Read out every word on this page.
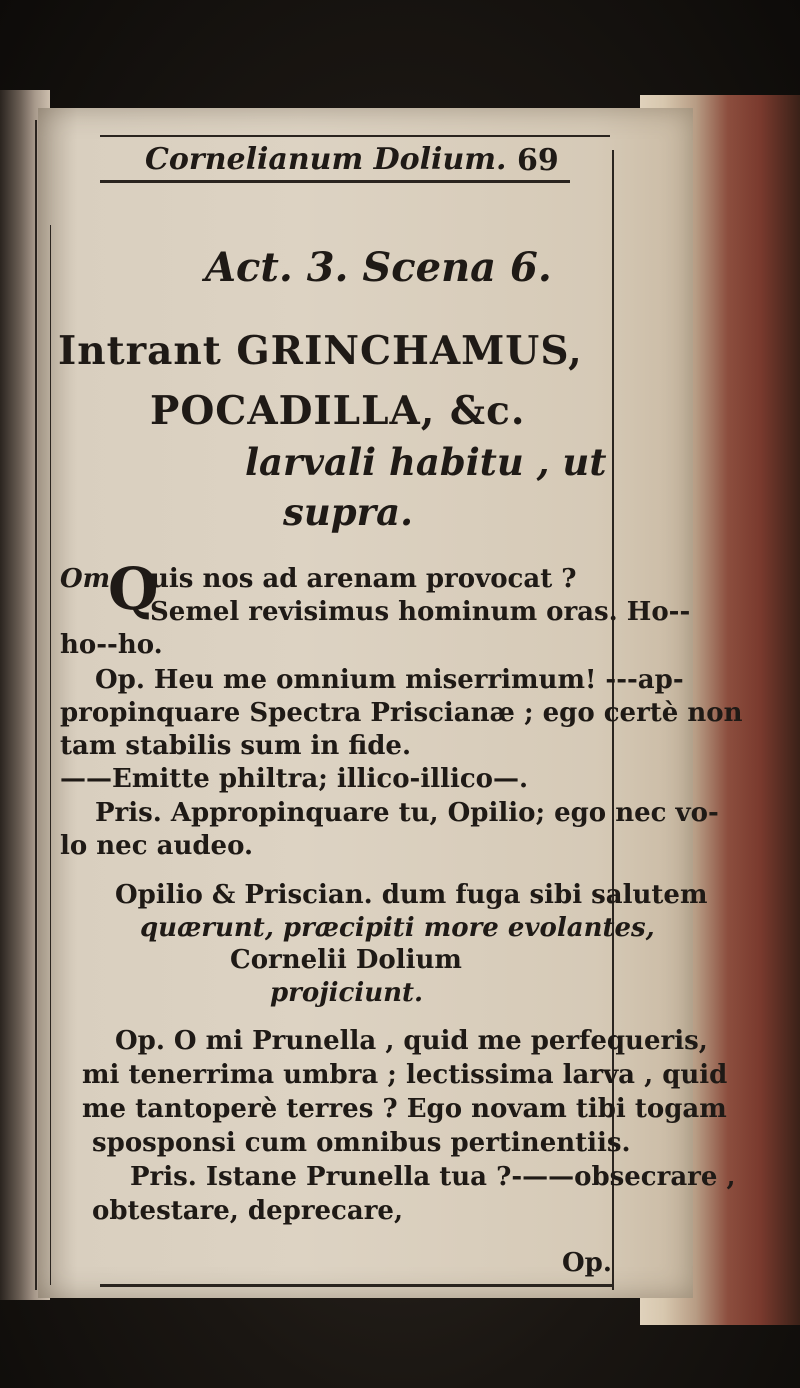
Cornelianum Dolium. 69
Act. 3. Scena 6.
Intrant GRINCHAMUS,
POCADILLA, &c.
larvali habitu , ut
supra.
Om.
Q
uis nos ad arenam provocat ?
Semel revisimus hominum oras. Ho--
ho--ho.
Op. Heu me omnium miserrimum! ---ap-
propinquare Spectra Priscianæ ; ego certè non
tam stabilis sum in fide.
——Emitte philtra; illico-illico—.
Pris. Appropinquare tu, Opilio; ego nec vo-
lo nec audeo.
Opilio & Priscian. dum fuga sibi salutem
quærunt, præcipiti more evolantes,
Cornelii Dolium
projiciunt.
Op. O mi Prunella , quid me perfequeris,
mi tenerrima umbra ; lectissima larva , quid
me tantoperè terres ? Ego novam tibi togam
sposponsi cum omnibus pertinentiis.
Pris. Istane Prunella tua ?-——obsecrare ,
obtestare, deprecare,
Op.
